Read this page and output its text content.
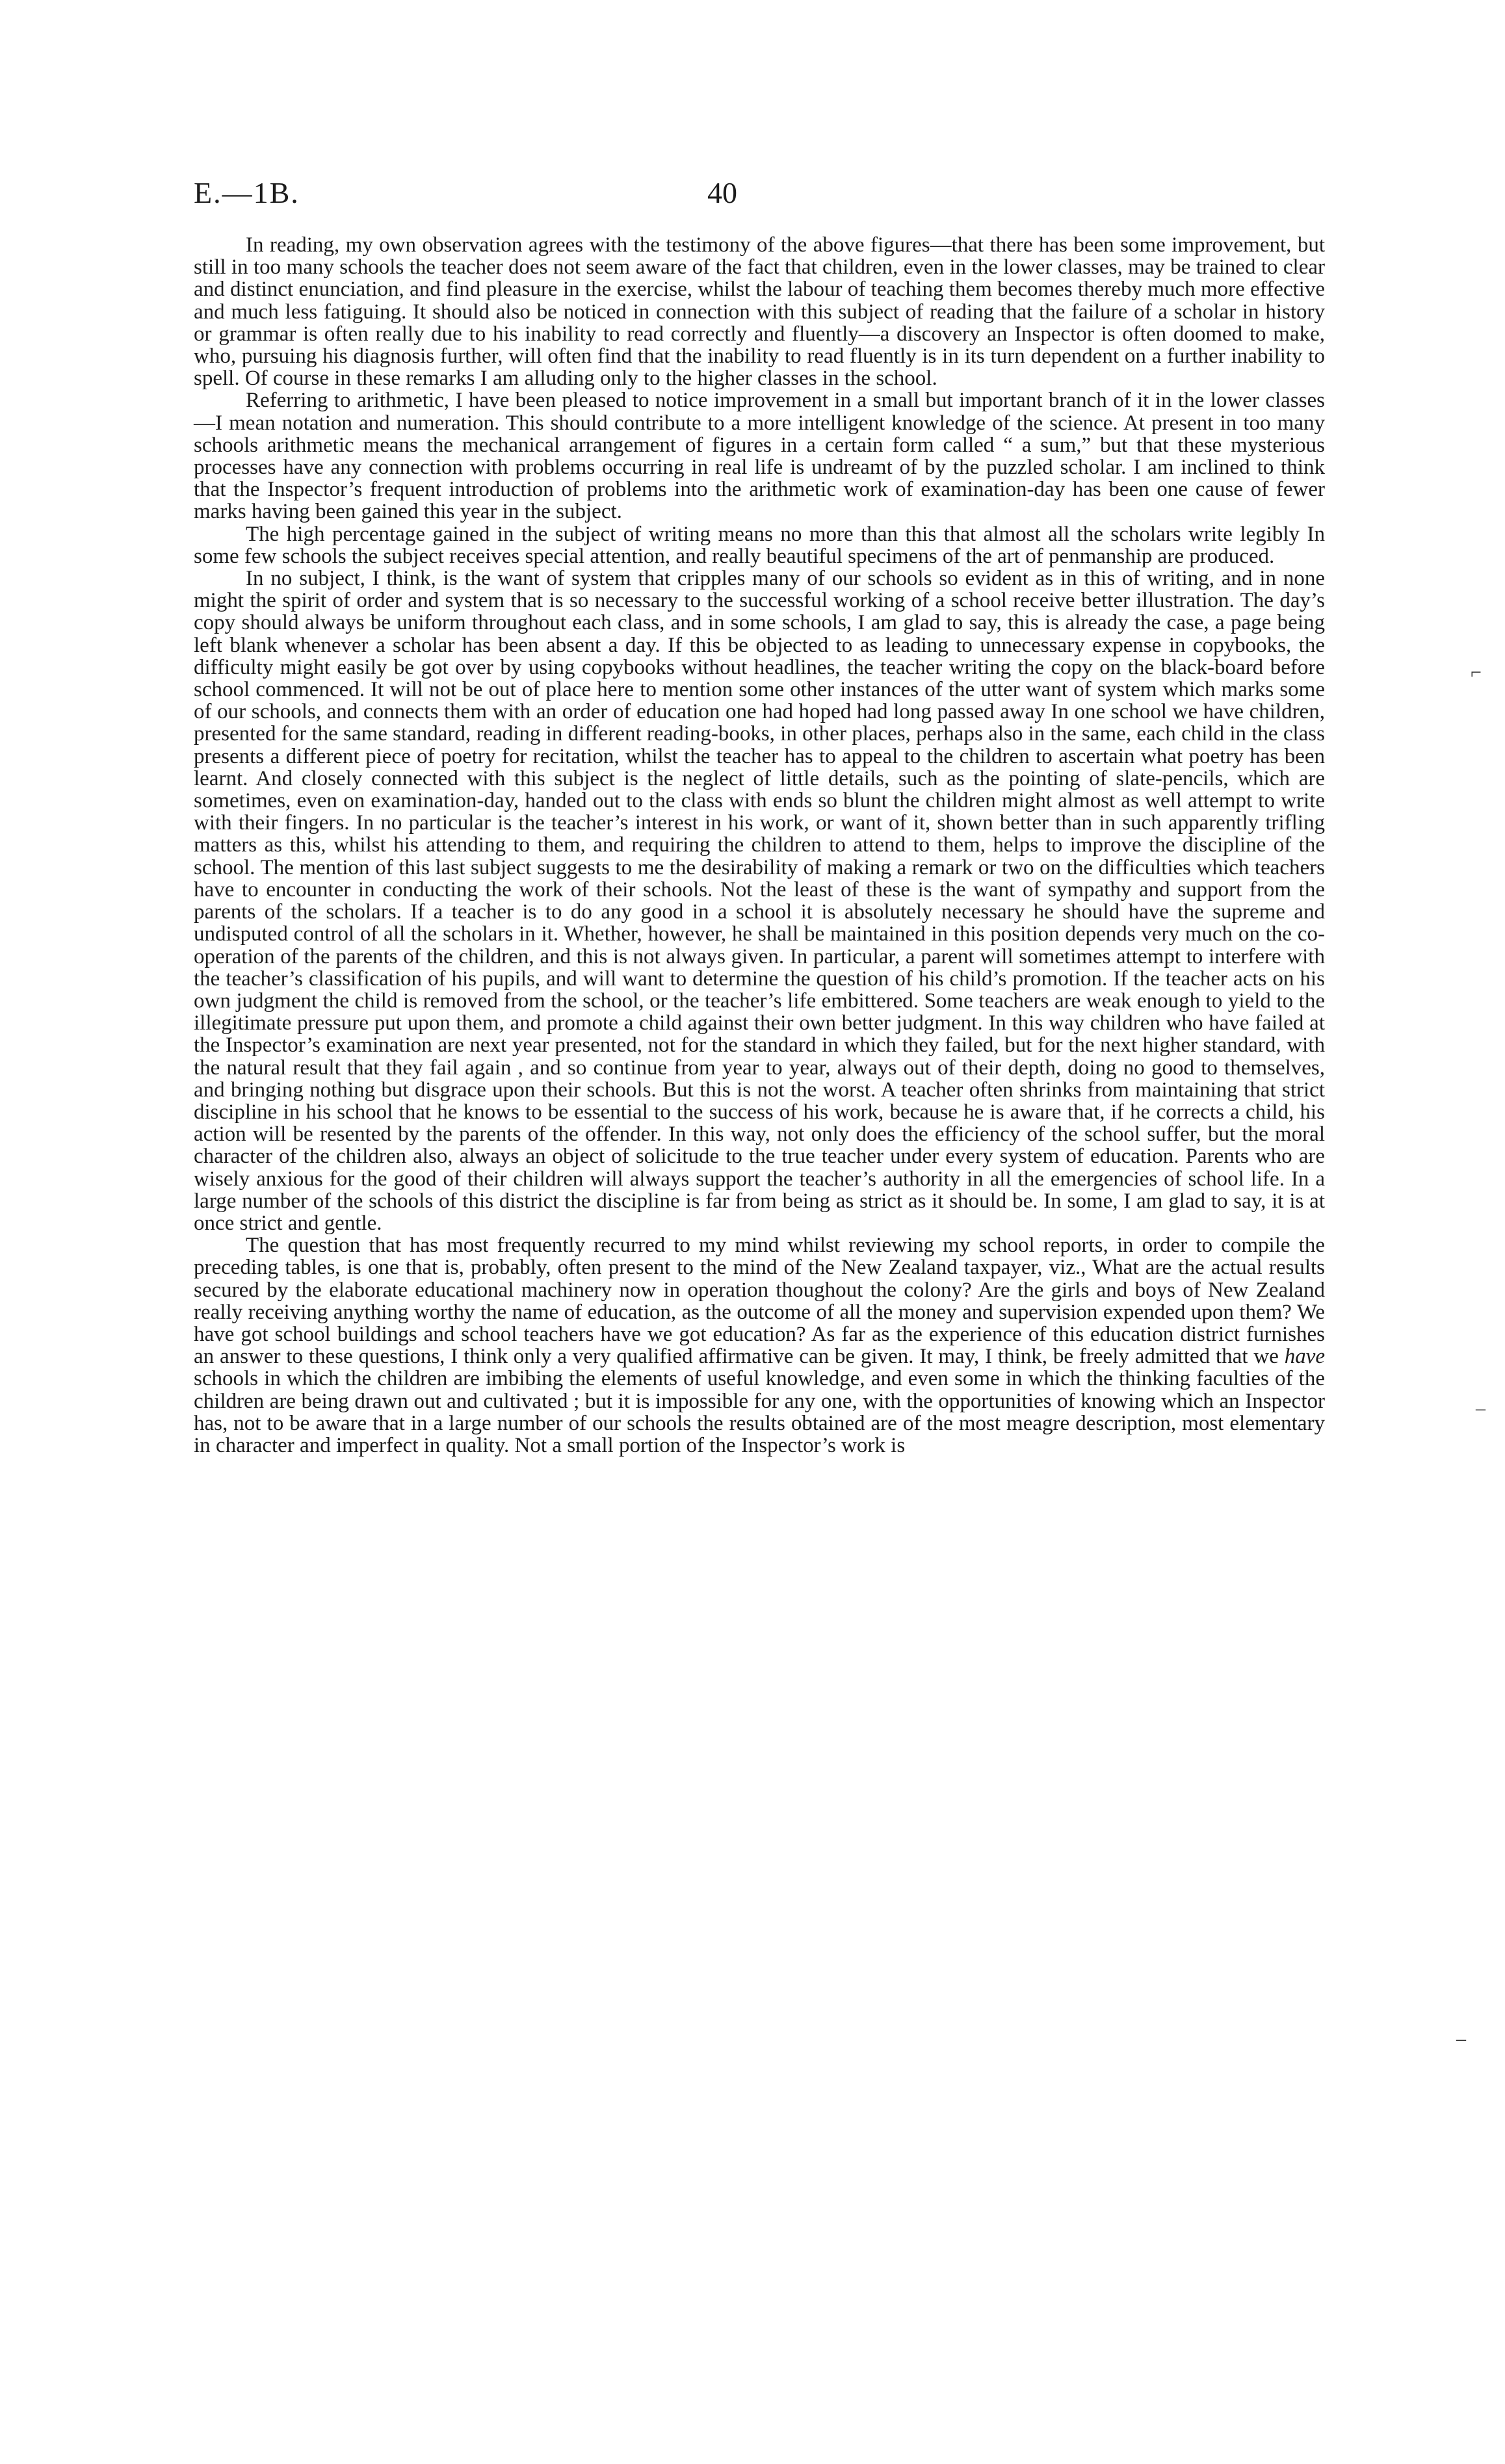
E.—1B.	40

In reading, my own observation agrees with the testimony of the above figures—that there has been some improvement, but still in too many schools the teacher does not seem aware of the fact that children, even in the lower classes, may be trained to clear and distinct enunciation, and find pleasure in the exercise, whilst the labour of teaching them becomes thereby much more effective and much less fatiguing. It should also be noticed in connection with this subject of reading that the failure of a scholar in history or grammar is often really due to his inability to read correctly and fluently—a discovery an Inspector is often doomed to make, who, pursuing his diagnosis further, will often find that the inability to read fluently is in its turn dependent on a further inability to spell. Of course in these remarks I am alluding only to the higher classes in the school.

Referring to arithmetic, I have been pleased to notice improvement in a small but important branch of it in the lower classes—I mean notation and numeration. This should contribute to a more intelligent knowledge of the science. At present in too many schools arithmetic means the mechanical arrangement of figures in a certain form called “ a sum,” but that these mysterious processes have any connection with problems occurring in real life is undreamt of by the puzzled scholar. I am inclined to think that the Inspector’s frequent introduction of problems into the arithmetic work of examination-day has been one cause of fewer marks having been gained this year in the subject.

The high percentage gained in the subject of writing means no more than this that almost all the scholars write legibly In some few schools the subject receives special attention, and really beautiful specimens of the art of penmanship are produced.

In no subject, I think, is the want of system that cripples many of our schools so evident as in this of writing, and in none might the spirit of order and system that is so necessary to the successful working of a school receive better illustration. The day’s copy should always be uniform throughout each class, and in some schools, I am glad to say, this is already the case, a page being left blank whenever a scholar has been absent a day. If this be objected to as leading to unnecessary expense in copybooks, the difficulty might easily be got over by using copybooks without headlines, the teacher writing the copy on the black-board before school commenced. It will not be out of place here to mention some other instances of the utter want of system which marks some of our schools, and connects them with an order of education one had hoped had long passed away In one school we have children, presented for the same standard, reading in different reading-books, in other places, perhaps also in the same, each child in the class presents a different piece of poetry for recitation, whilst the teacher has to appeal to the children to ascertain what poetry has been learnt. And closely connected with this subject is the neglect of little details, such as the pointing of slate-pencils, which are sometimes, even on examination-day, handed out to the class with ends so blunt the children might almost as well attempt to write with their fingers. In no particular is the teacher’s interest in his work, or want of it, shown better than in such apparently trifling matters as this, whilst his attending to them, and requiring the children to attend to them, helps to improve the discipline of the school. The mention of this last subject suggests to me the desirability of making a remark or two on the difficulties which teachers have to encounter in conducting the work of their schools. Not the least of these is the want of sympathy and support from the parents of the scholars. If a teacher is to do any good in a school it is absolutely necessary he should have the supreme and undisputed control of all the scholars in it. Whether, however, he shall be maintained in this position depends very much on the co-operation of the parents of the children, and this is not always given. In particular, a parent will sometimes attempt to interfere with the teacher’s classification of his pupils, and will want to determine the question of his child’s promotion. If the teacher acts on his own judgment the child is removed from the school, or the teacher’s life embittered. Some teachers are weak enough to yield to the illegitimate pressure put upon them, and promote a child against their own better judgment. In this way children who have failed at the Inspector’s examination are next year presented, not for the standard in which they failed, but for the next higher standard, with the natural result that they fail again , and so continue from year to year, always out of their depth, doing no good to themselves, and bringing nothing but disgrace upon their schools. But this is not the worst. A teacher often shrinks from maintaining that strict discipline in his school that he knows to be essential to the success of his work, because he is aware that, if he corrects a child, his action will be resented by the parents of the offender. In this way, not only does the efficiency of the school suffer, but the moral character of the children also, always an object of solicitude to the true teacher under every system of education. Parents who are wisely anxious for the good of their children will always support the teacher’s authority in all the emergencies of school life. In a large number of the schools of this district the discipline is far from being as strict as it should be. In some, I am glad to say, it is at once strict and gentle.

The question that has most frequently recurred to my mind whilst reviewing my school reports, in order to compile the preceding tables, is one that is, probably, often present to the mind of the New Zealand taxpayer, viz., What are the actual results secured by the elaborate educational machinery now in operation thoughout the colony? Are the girls and boys of New Zealand really receiving anything worthy the name of education, as the outcome of all the money and supervision expended upon them? We have got school buildings and school teachers have we got education? As far as the experience of this education district furnishes an answer to these questions, I think only a very qualified affirmative can be given. It may, I think, be freely admitted that we have schools in which the children are imbibing the elements of useful knowledge, and even some in which the thinking faculties of the children are being drawn out and cultivated ; but it is impossible for any one, with the opportunities of knowing which an Inspector has, not to be aware that in a large number of our schools the results obtained are of the most meagre description, most elementary in character and imperfect in quality. Not a small portion of the Inspector’s work is

⌐
–
–
